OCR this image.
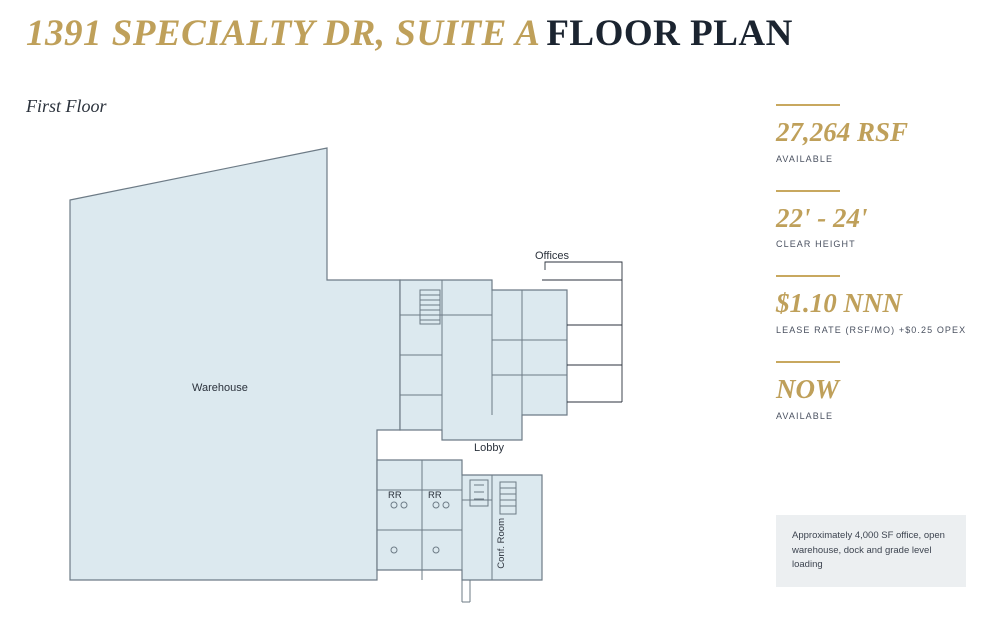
1391 SPECIALTY DR, SUITE A FLOOR PLAN
First Floor
Warehouse
Offices
Lobby
RR	RR
Conf. Room
27,264 RSF
AVAILABLE
22' - 24'
CLEAR HEIGHT
$1.10 NNN
LEASE RATE (RSF/MO) +$0.25 OPEX
NOW
AVAILABLE

Approximately 4,000 SF office, open warehouse, dock and grade level loading
